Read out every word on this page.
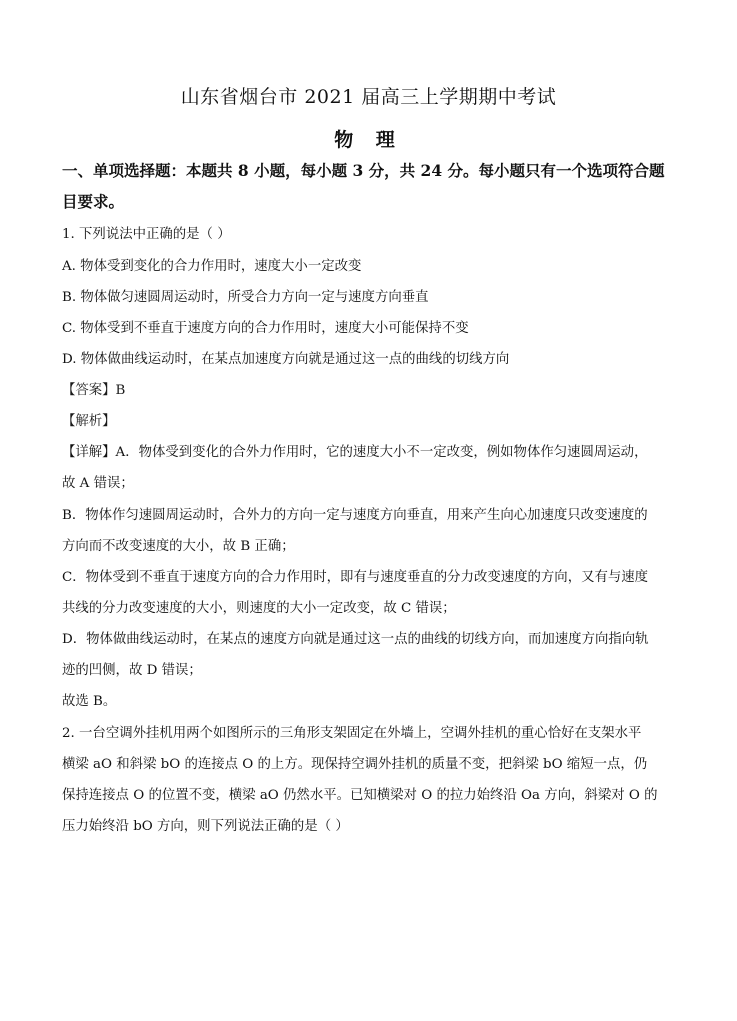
山东省烟台市 2021 届高三上学期期中考试
物 理
一、单项选择题：本题共 8 小题，每小题 3 分，共 24 分。每小题只有一个选项符合题
目要求。
1. 下列说法中正确的是（ ）
A. 物体受到变化的合力作用时，速度大小一定改变
B. 物体做匀速圆周运动时，所受合力方向一定与速度方向垂直
C. 物体受到不垂直于速度方向的合力作用时，速度大小可能保持不变
D. 物体做曲线运动时，在某点加速度方向就是通过这一点的曲线的切线方向
【答案】B
【解析】
【详解】A．物体受到变化的合外力作用时，它的速度大小不一定改变，例如物体作匀速圆周运动，
故 A 错误；
B．物体作匀速圆周运动时，合外力的方向一定与速度方向垂直，用来产生向心加速度只改变速度的
方向而不改变速度的大小，故 B 正确；
C．物体受到不垂直于速度方向的合力作用时，即有与速度垂直的分力改变速度的方向，又有与速度
共线的分力改变速度的大小，则速度的大小一定改变，故 C 错误；
D．物体做曲线运动时，在某点的速度方向就是通过这一点的曲线的切线方向，而加速度方向指向轨
迹的凹侧，故 D 错误；
故选 B。
2. 一台空调外挂机用两个如图所示的三角形支架固定在外墙上，空调外挂机的重心恰好在支架水平
横梁 aO 和斜梁 bO 的连接点 O 的上方。现保持空调外挂机的质量不变，把斜梁 bO 缩短一点，仍
保持连接点 O 的位置不变，横梁 aO 仍然水平。已知横梁对 O 的拉力始终沿 Oa 方向，斜梁对 O 的
压力始终沿 bO 方向，则下列说法正确的是（ ）
